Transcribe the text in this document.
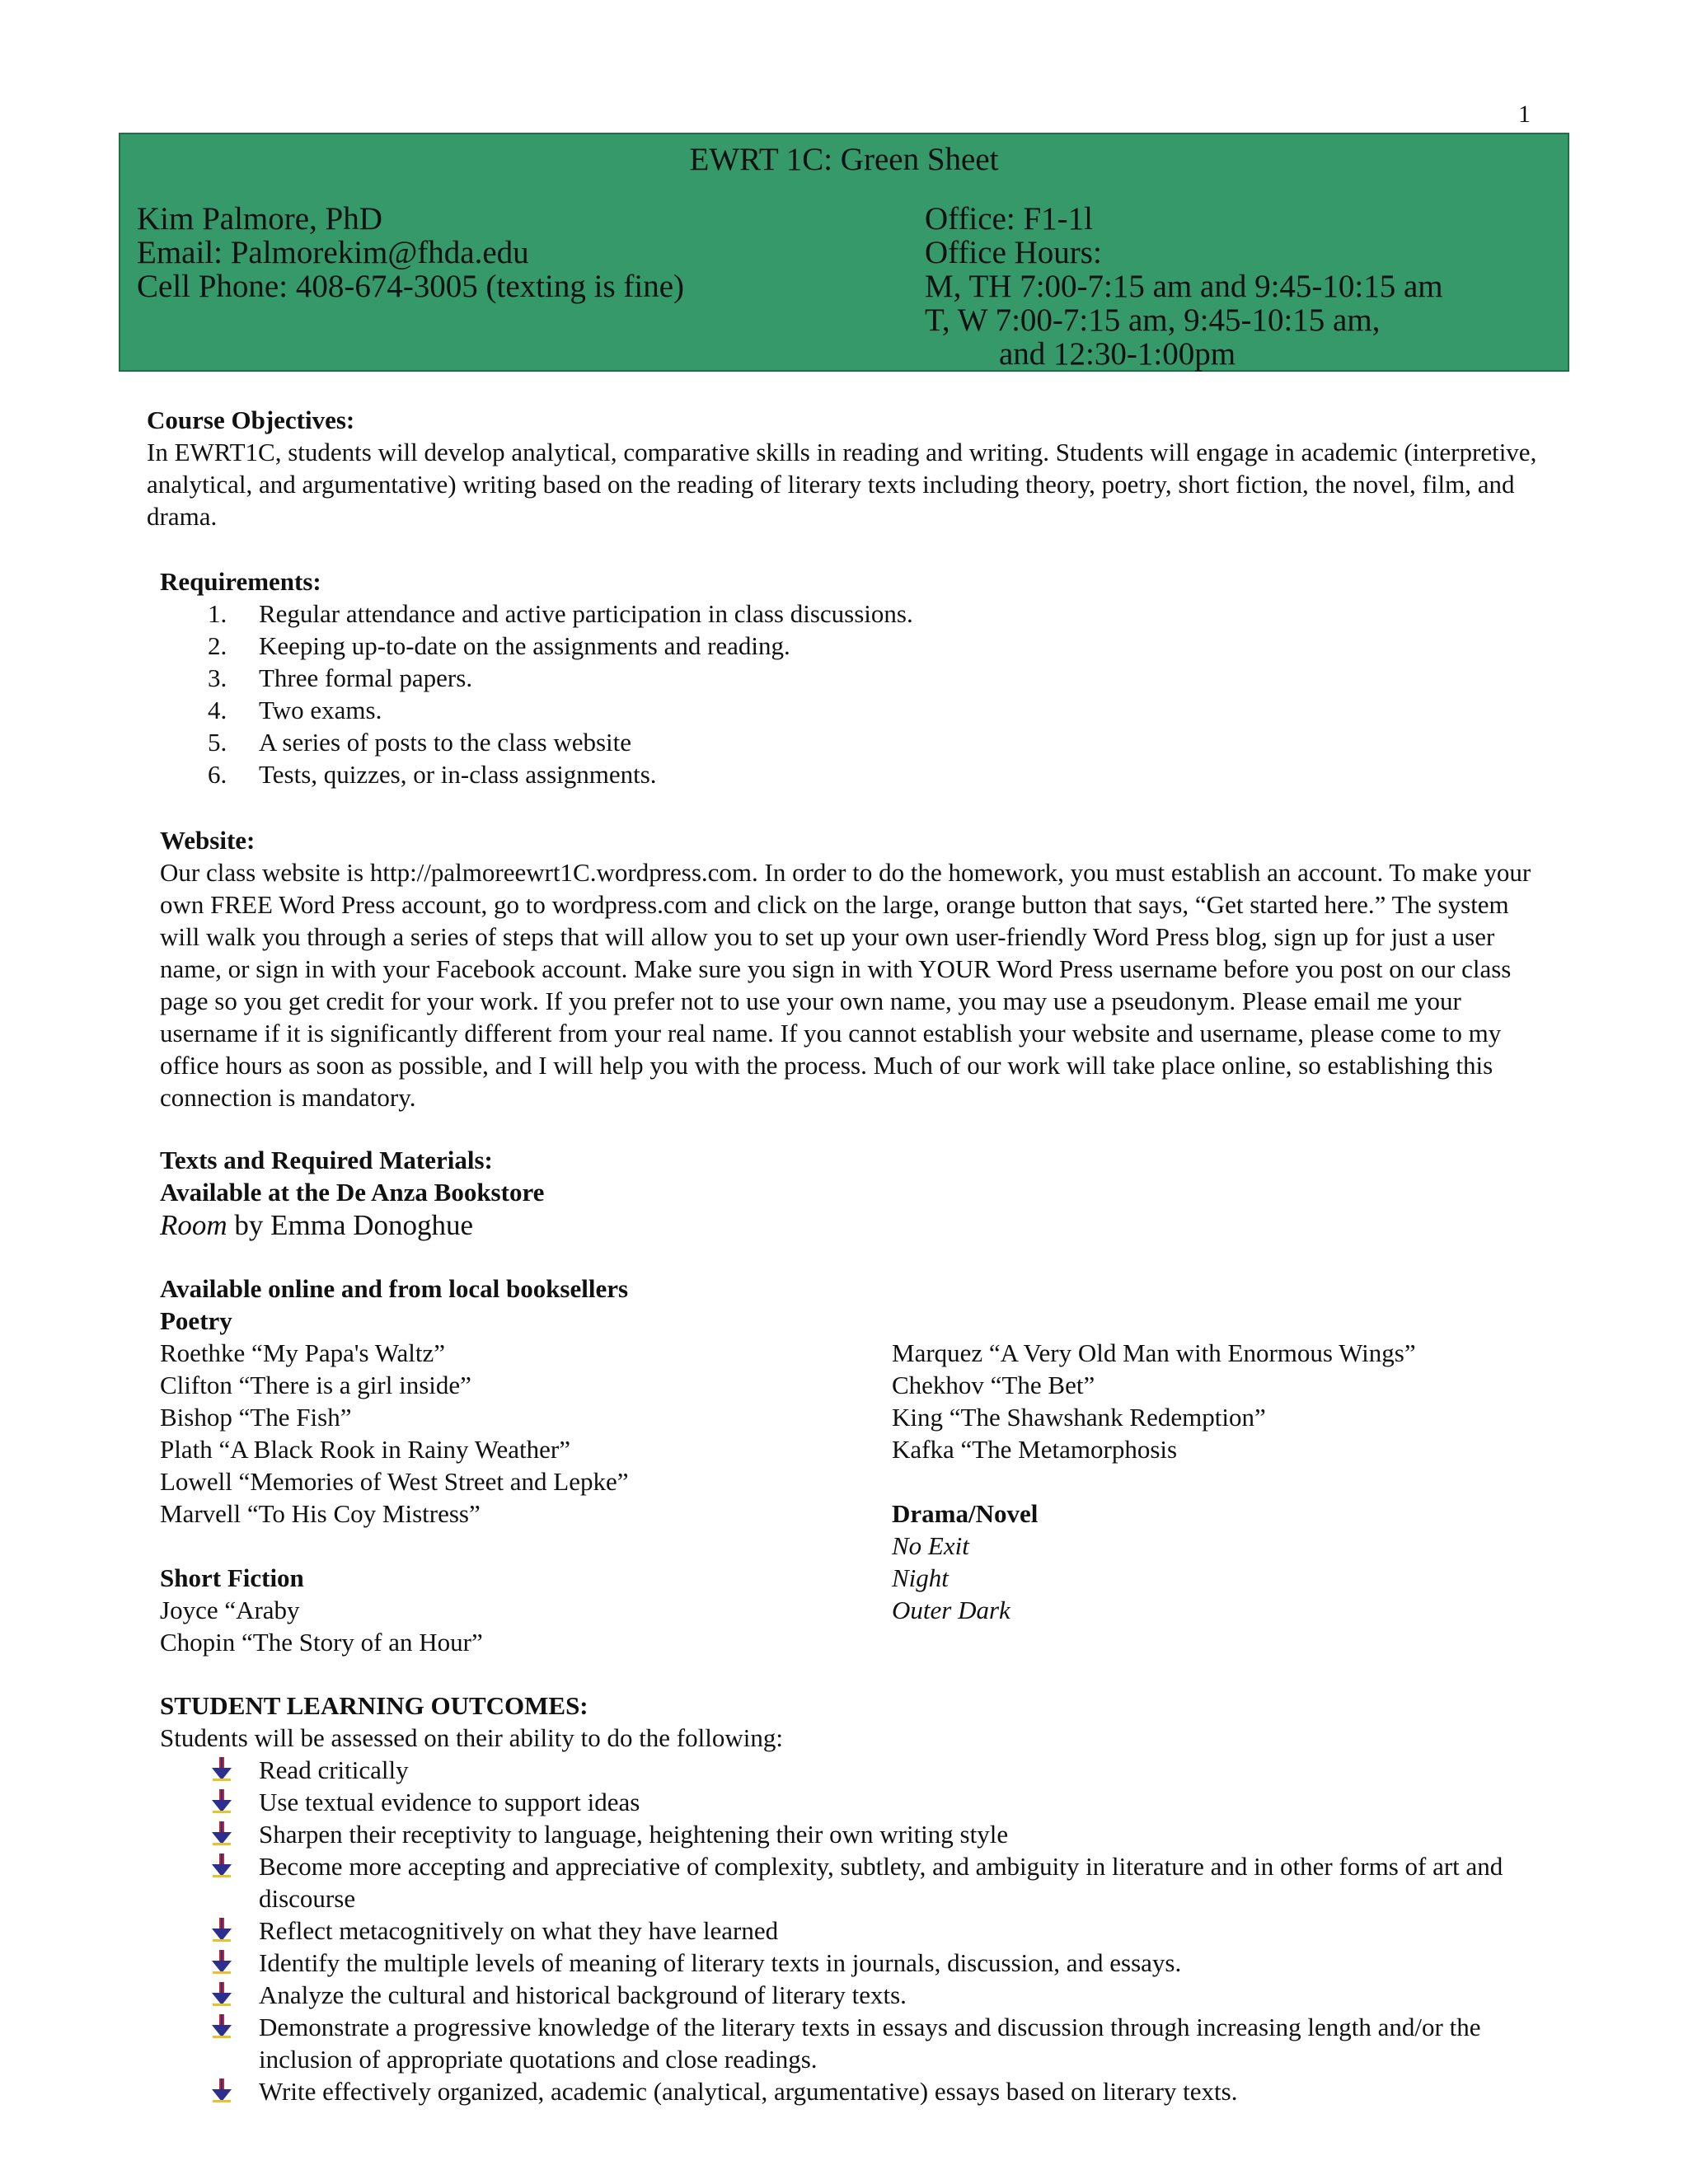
1
EWRT 1C: Green Sheet
Kim Palmore, PhD
Email: Palmorekim@fhda.edu
Cell Phone: 408-674-3005 (texting is fine)
Office: F1-1l
Office Hours:
M, TH 7:00-7:15 am and 9:45-10:15 am
T, W 7:00-7:15 am, 9:45-10:15 am,
and 12:30-1:00pm
Course Objectives:
In EWRT1C, students will develop analytical, comparative skills in reading and writing. Students will engage in academic (interpretive, analytical, and argumentative) writing based on the reading of literary texts including theory, poetry, short fiction, the novel, film, and drama.
Requirements:
1. Regular attendance and active participation in class discussions.
2. Keeping up-to-date on the assignments and reading.
3. Three formal papers.
4. Two exams.
5. A series of posts to the class website
6. Tests, quizzes, or in-class assignments.
Website:
Our class website is http://palmoreewrt1C.wordpress.com. In order to do the homework, you must establish an account. To make your own FREE Word Press account, go to wordpress.com and click on the large, orange button that says, “Get started here.” The system will walk you through a series of steps that will allow you to set up your own user-friendly Word Press blog, sign up for just a user name, or sign in with your Facebook account. Make sure you sign in with YOUR Word Press username before you post on our class page so you get credit for your work. If you prefer not to use your own name, you may use a pseudonym. Please email me your username if it is significantly different from your real name. If you cannot establish your website and username, please come to my office hours as soon as possible, and I will help you with the process. Much of our work will take place online, so establishing this connection is mandatory.
Texts and Required Materials:
Available at the De Anza Bookstore
Room by Emma Donoghue
Available online and from local booksellers
Poetry
Roethke “My Papa's Waltz”
Clifton “There is a girl inside”
Bishop “The Fish”
Plath “A Black Rook in Rainy Weather”
Lowell “Memories of West Street and Lepke”
Marvell “To His Coy Mistress”
Short Fiction
Joyce “Araby
Chopin “The Story of an Hour”
Marquez “A Very Old Man with Enormous Wings”
Chekhov “The Bet”
King “The Shawshank Redemption”
Kafka “The Metamorphosis
Drama/Novel
No Exit
Night
Outer Dark
STUDENT LEARNING OUTCOMES:
Students will be assessed on their ability to do the following:
Read critically
Use textual evidence to support ideas
Sharpen their receptivity to language, heightening their own writing style
Become more accepting and appreciative of complexity, subtlety, and ambiguity in literature and in other forms of art and discourse
Reflect metacognitively on what they have learned
Identify the multiple levels of meaning of literary texts in journals, discussion, and essays.
Analyze the cultural and historical background of literary texts.
Demonstrate a progressive knowledge of the literary texts in essays and discussion through increasing length and/or the inclusion of appropriate quotations and close readings.
Write effectively organized, academic (analytical, argumentative) essays based on literary texts.
